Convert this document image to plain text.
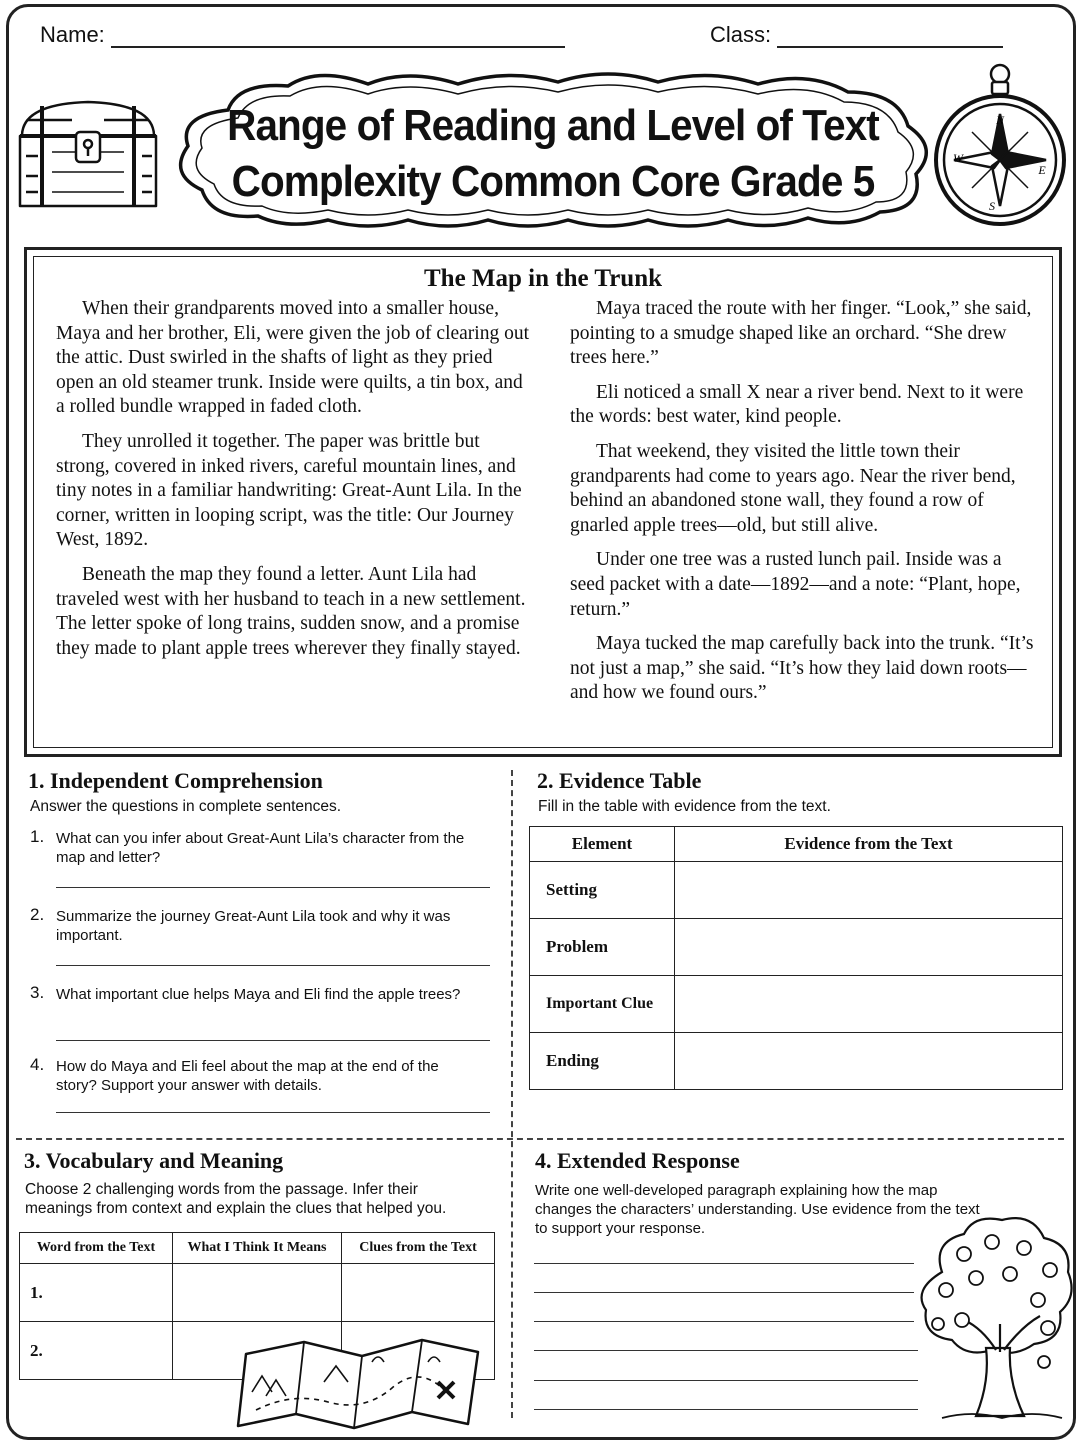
Name:	Class:
Range of Reading and Level of Text
Complexity Common Core Grade 5
N
E
S
W
The Map in the Trunk

When their grandparents moved into a smaller house, Maya and her brother, Eli, were given the job of clearing out the attic. Dust swirled in the shafts of light as they pried open an old steamer trunk. Inside were quilts, a tin box, and a rolled bundle wrapped in faded cloth.

They unrolled it together. The paper was brittle but strong, covered in inked rivers, careful mountain lines, and tiny notes in a familiar handwriting: Great-Aunt Lila. In the corner, written in looping script, was the title: Our Journey West, 1892.

Beneath the map they found a letter. Aunt Lila had traveled west with her husband to teach in a new settlement. The letter spoke of long trains, sudden snow, and a promise they made to plant apple trees wherever they finally stayed.

Maya traced the route with her finger. “Look,” she said, pointing to a smudge shaped like an orchard. “She drew trees here.”

Eli noticed a small X near a river bend. Next to it were the words: best water, kind people.

That weekend, they visited the little town their grandparents had come to years ago. Near the river bend, behind an abandoned stone wall, they found a row of gnarled apple trees—old, but still alive.

Under one tree was a rusted lunch pail. Inside was a seed packet with a date—1892—and a note: “Plant, hope, return.”

Maya tucked the map carefully back into the trunk. “It’s not just a map,” she said. “It’s how they laid down roots—and how we found ours.”

1. Independent Comprehension
Answer the questions in complete sentences.
1. What can you infer about Great-Aunt Lila’s character from the map and letter?
2. Summarize the journey Great-Aunt Lila took and why it was important.
3. What important clue helps Maya and Eli find the apple trees?
4. How do Maya and Eli feel about the map at the end of the story? Support your answer with details.
2. Evidence Table
Fill in the table with evidence from the text.
Element	Evidence from the Text
Setting	
Problem	
Important Clue	
Ending	
3. Vocabulary and Meaning
Choose 2 challenging words from the passage. Infer their meanings from context and explain the clues that helped you.
Word from the Text	What I Think It Means	Clues from the Text
1.		
2.		
4. Extended Response
Write one well-developed paragraph explaining how the map changes the characters’ understanding. Use evidence from the text to support your response.
